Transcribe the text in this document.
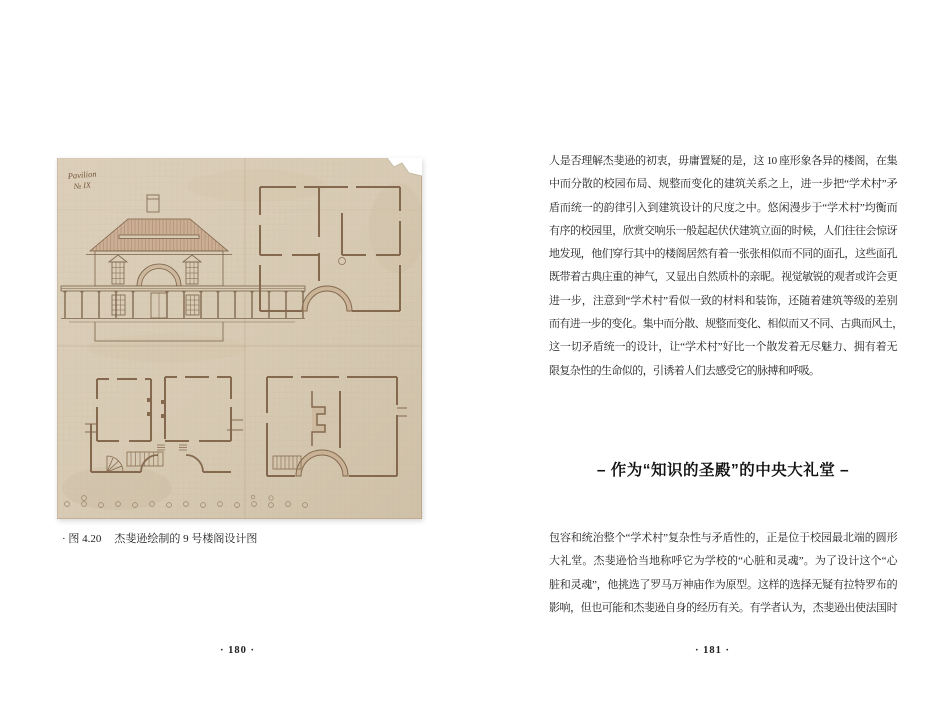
Pavilion
№ IX
· 图 4.20 杰斐逊绘制的 9 号楼阁设计图
· 180 ·
人是否理解杰斐逊的初衷，毋庸置疑的是，这 10 座形象各异的楼阁，在集
中而分散的校园布局、规整而变化的建筑关系之上，进一步把“学术村”矛
盾而统一的韵律引入到建筑设计的尺度之中。悠闲漫步于“学术村”均衡而
有序的校园里，欣赏交响乐一般起起伏伏建筑立面的时候，人们往往会惊讶
地发现，他们穿行其中的楼阁居然有着一张张相似而不同的面孔，这些面孔
既带着古典庄重的神气，又显出自然质朴的亲昵。视觉敏锐的观者或许会更
进一步，注意到“学术村”看似一致的材料和装饰，还随着建筑等级的差别
而有进一步的变化。集中而分散、规整而变化、相似而又不同、古典而风土，
这一切矛盾统一的设计，让“学术村”好比一个散发着无尽魅力、拥有着无
限复杂性的生命似的，引诱着人们去感受它的脉搏和呼吸。
– 作为“知识的圣殿”的中央大礼堂 –
包容和统治整个“学术村”复杂性与矛盾性的，正是位于校园最北端的圆形
大礼堂。杰斐逊恰当地称呼它为学校的“心脏和灵魂”。为了设计这个“心
脏和灵魂”，他挑选了罗马万神庙作为原型。这样的选择无疑有拉特罗布的
影响，但也可能和杰斐逊自身的经历有关。有学者认为，杰斐逊出使法国时
· 181 ·
